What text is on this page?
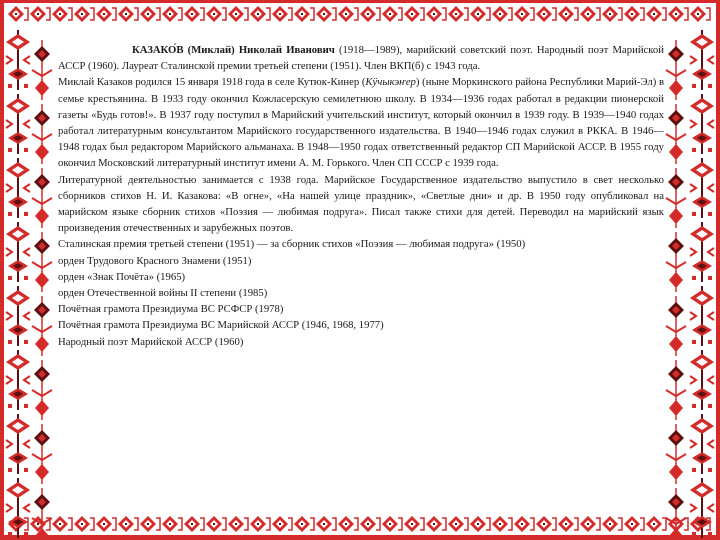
КАЗАКО́В (Миклай) Николай Иванович (1918—1989), марийский советский поэт. Народный поэт Марийской АССР (1960). Лауреат Сталинской премии третьей степени (1951). Член ВКП(б) с 1943 года.

Миклай Казаков родился 15 января 1918 года в селе Кутюк-Кинер (Кӱчыкэҥер) (ныне Моркинского района Республики Марий-Эл) в семье крестьянина. В 1933 году окончил Кожласерскую семилетнюю школу. В 1934—1936 годах работал в редакции пионерской газеты «Будь готов!». В 1937 году поступил в Марийский учительский институт, который окончил в 1939 году. В 1939—1940 годах работал литературным консультантом Марийского государственного издательства. В 1940—1946 годах служил в РККА. В 1946—1948 годах был редактором Марийского альманаха. В 1948—1950 годах ответственный редактор СП Марийской АССР. В 1955 году окончил Московский литературный институт имени А. М. Горького. Член СП СССР с 1939 года.

Литературной деятельностью занимается с 1938 года. Марийское Государственное издательство выпустило в свет несколько сборников стихов Н. И. Казакова: «В огне», «На нашей улице праздник», «Светлые дни» и др. В 1950 году опубликовал на марийском языке сборник стихов «Поэзия — любимая подруга». Писал также стихи для детей. Переводил на марийский язык произведения отечественных и зарубежных поэтов.

Сталинская премия третьей степени (1951) — за сборник стихов «Поэзия — любимая подруга» (1950)

орден Трудового Красного Знамени (1951)

орден «Знак Почёта» (1965)

орден Отечественной войны II степени (1985)

Почётная грамота Президиума ВС РСФСР (1978)

Почётная грамота Президиума ВС Марийской АССР (1946, 1968, 1977)

Народный поэт Марийской АССР (1960)
